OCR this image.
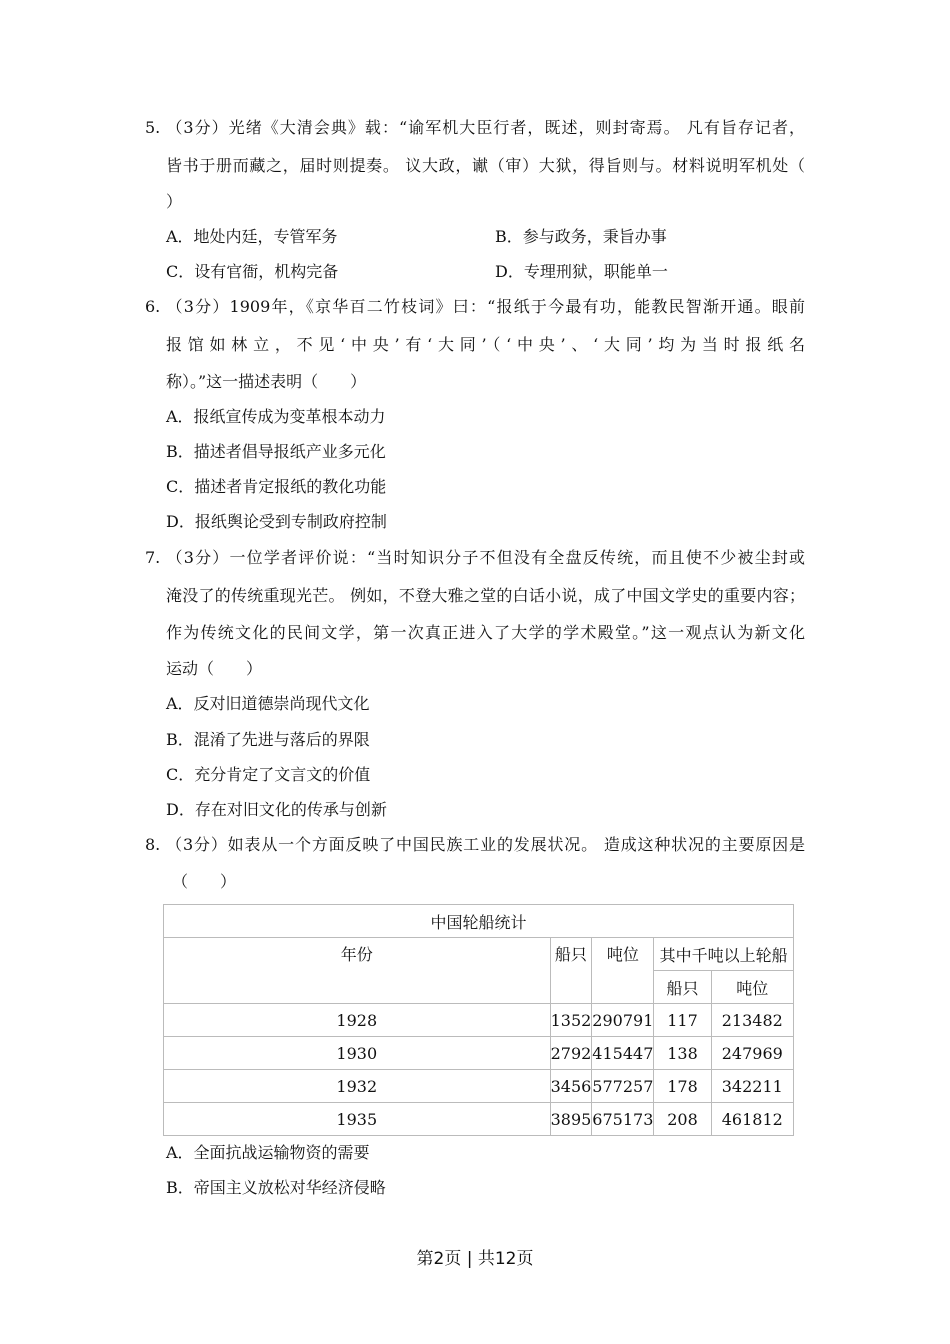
5. （3分）光绪《大清会典》载：“谕军机大臣行者，既述，则封寄焉。 凡有旨存记者，
皆书于册而藏之，届时则提奏。 议大政，谳（审）大狱，得旨则与。材料说明军机处（
）
A．地处内廷，专管军务	B．参与政务，秉旨办事
C．设有官衙，机构完备	D．专理刑狱，职能单一
6. （3分）1909年，《京华百二竹枝词》曰：“报纸于今最有功，能教民智渐开通。眼前
报馆如林立，不见‘中央’有‘大同’（‘中央’、‘大同’均为当时报纸名
称）。”这一描述表明（　　）
A．报纸宣传成为变革根本动力
B．描述者倡导报纸产业多元化
C．描述者肯定报纸的教化功能
D．报纸舆论受到专制政府控制
7. （3分）一位学者评价说：“当时知识分子不但没有全盘反传统，而且使不少被尘封或
淹没了的传统重现光芒。 例如，不登大雅之堂的白话小说，成了中国文学史的重要内容；
作为传统文化的民间文学，第一次真正进入了大学的学术殿堂。”这一观点认为新文化
运动（　　）
A．反对旧道德崇尚现代文化
B．混淆了先进与落后的界限
C．充分肯定了文言文的价值
D．存在对旧文化的传承与创新
8. （3分）如表从一个方面反映了中国民族工业的发展状况。 造成这种状况的主要原因是
（　　）
中国轮船统计				
年份	船只	吨位	其中千吨以上轮船	
			船只	吨位
1928	1352	290791	117	213482
1930	2792	415447	138	247969
1932	3456	577257	178	342211
1935	3895	675173	208	461812
A．全面抗战运输物资的需要
B．帝国主义放松对华经济侵略
第2页 | 共12页
